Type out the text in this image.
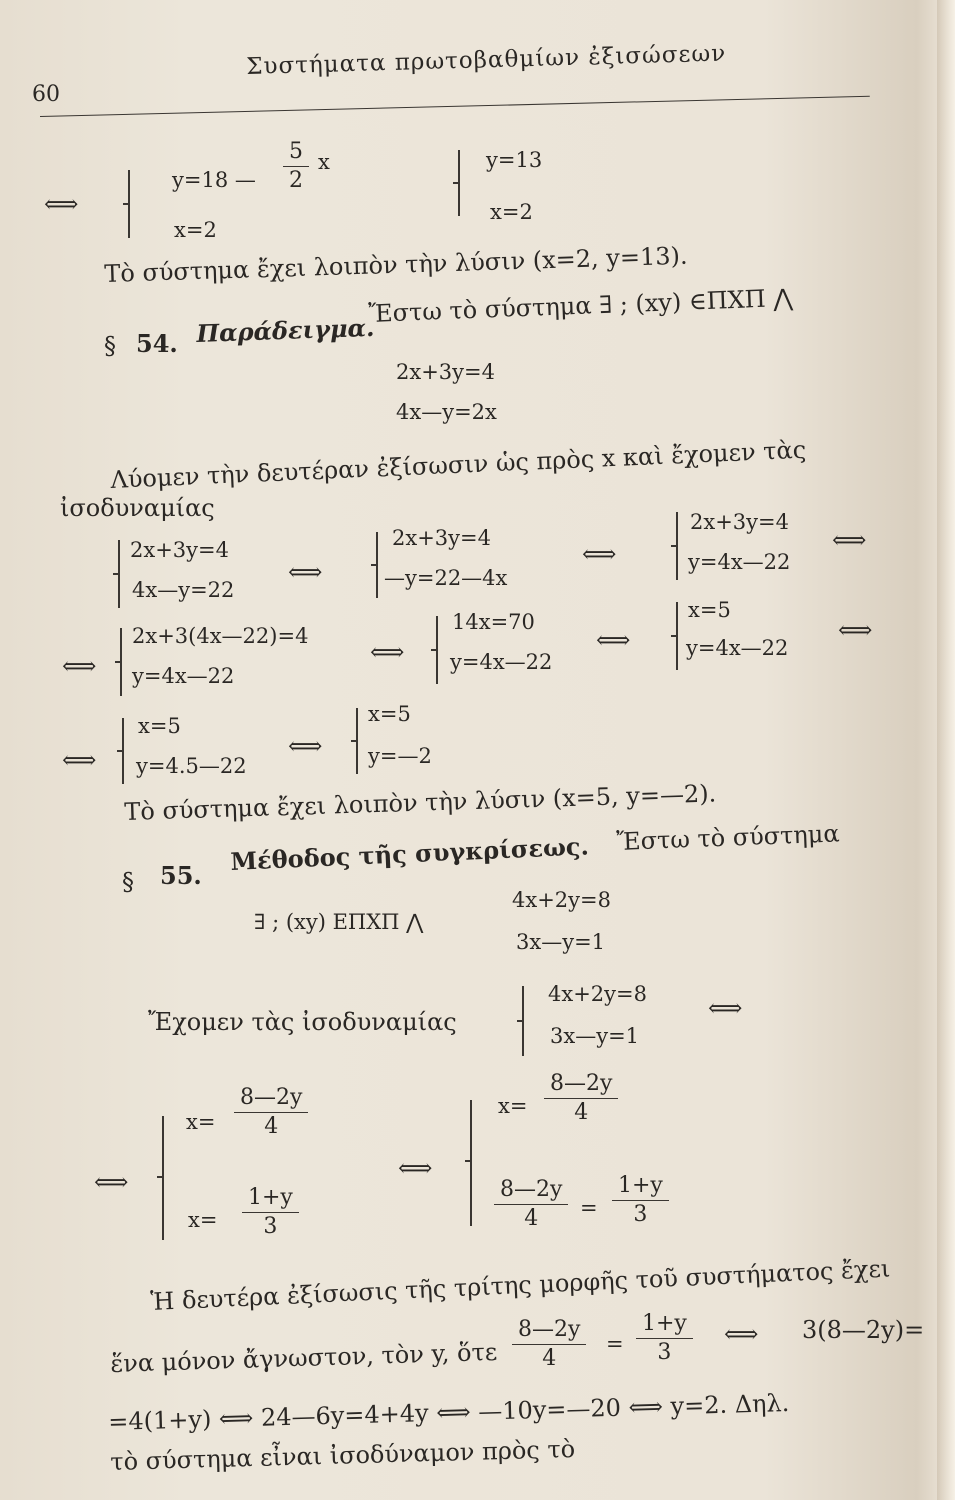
60
Συστήματα πρωτοβαθμίων ἐξισώσεων
⟺
y=18 —
5
2
x
x=2
y=13
x=2
Τὸ σύστημα ἔχει λοιπὸν τὴν λύσιν (x=2, y=13).
§ 54. Παράδειγμα.
Ἔστω τὸ σύστημα ∃ ; (xy) ∈ΠΧΠ ⋀
2x+3y=4
4x—y=2x
Λύομεν τὴν δευτέραν ἐξίσωσιν ὡς πρὸς x καὶ ἔχομεν τὰς
ἰσοδυναμίας
2x+3y=4
4x—y=22
⟺
2x+3y=4
—y=22—4x
⟺
2x+3y=4
y=4x—22
⟺
⟺
2x+3(4x—22)=4
y=4x—22
⟺
14x=70
y=4x—22
⟺
x=5
y=4x—22
⟺
⟺
x=5
y=4.5—22
⟺
x=5
y=—2
Τὸ σύστημα ἔχει λοιπὸν τὴν λύσιν (x=5, y=—2).
§ 55. Μέθοδος τῆς συγκρίσεως. Ἔστω τὸ σύστημα
∃ ; (xy) ΕΠΧΠ ⋀
4x+2y=8
3x—y=1
Ἔχομεν τὰς ἰσοδυναμίας
4x+2y=8
3x—y=1
⟺
⟺
x=
8—2y
4
x=
1+y
3
⟺
x=
8—2y
4
8—2y
4 =
1+y
3
Ἡ δευτέρα ἐξίσωσις τῆς τρίτης μορφῆς τοῦ συστήματος ἔχει
ἕνα μόνον ἄγνωστον, τὸν y, ὅτε
8—2y
4
=
1+y
3
⟺ 3(8—2y)=
=4(1+y) ⟺ 24—6y=4+4y ⟺ —10y=—20 ⟺ y=2. Δηλ.
τὸ σύστημα εἶναι ἰσοδύναμον πρὸς τὸ
